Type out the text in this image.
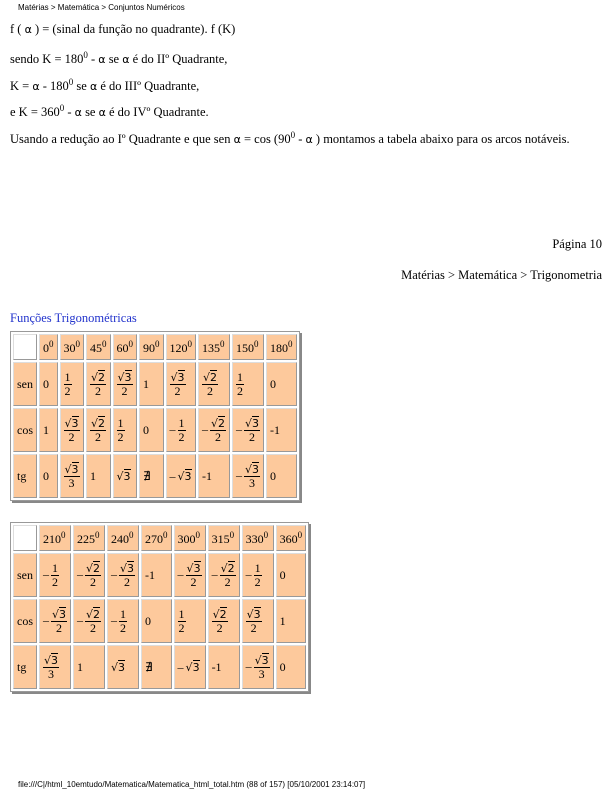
Matérias > Matemática > Conjuntos Numéricos
f ( α ) = (sinal da função no quadrante). f (K)
sendo $K = 180^0 - \alpha$ se α é do IIº Quadrante,
$K = \alpha - 180^0$ se α é do IIIº Quadrante,
e $K = 360^0 - \alpha$ se α é do IVº Quadrante.
Usando a redução ao Iº Quadrante e que sen $\alpha = \cos (90^0 - \alpha$ ) montamos a tabela abaixo para os arcos notáveis.
Página 10
Matérias > Matemática > Trigonometria
Funções Trigonométricas
	$0^0$	$30^0$	$45^0$	$60^0$	$90^0$	$120^0$	$135^0$	$150^0$	$180^0$
sen	0	$\frac{1}{2}$	$\frac{√2}{2}$	$\frac{√3}{2}$	1	$\frac{√3}{2}$	$\frac{√2}{2}$	$\frac{1}{2}$	0
cos	1	$\frac{√3}{2}$	$\frac{√2}{2}$	$\frac{1}{2}$	0	– $\frac{1}{2}$	– $\frac{√2}{2}$	– $\frac{√3}{2}$	-1
tg	0	$\frac{√3}{3}$	1	√3	∄	– √3	-1	– $\frac{√3}{3}$	0
	$210^0$	$225^0$	$240^0$	$270^0$	$300^0$	$315^0$	$330^0$	$360^0$
sen	– $\frac{1}{2}$	– $\frac{√2}{2}$	– $\frac{√3}{2}$	-1	– $\frac{√3}{2}$	– $\frac{√2}{2}$	– $\frac{1}{2}$	0
cos	– $\frac{√3}{2}$	– $\frac{√2}{2}$	– $\frac{1}{2}$	0	$\frac{1}{2}$	$\frac{√2}{2}$	$\frac{√3}{2}$	1
tg	$\frac{√3}{3}$	1	√3	∄	– √3	-1	– $\frac{√3}{3}$	0
file:///C|/html_10emtudo/Matematica/Matematica_html_total.htm (88 of 157) [05/10/2001 23:14:07]
